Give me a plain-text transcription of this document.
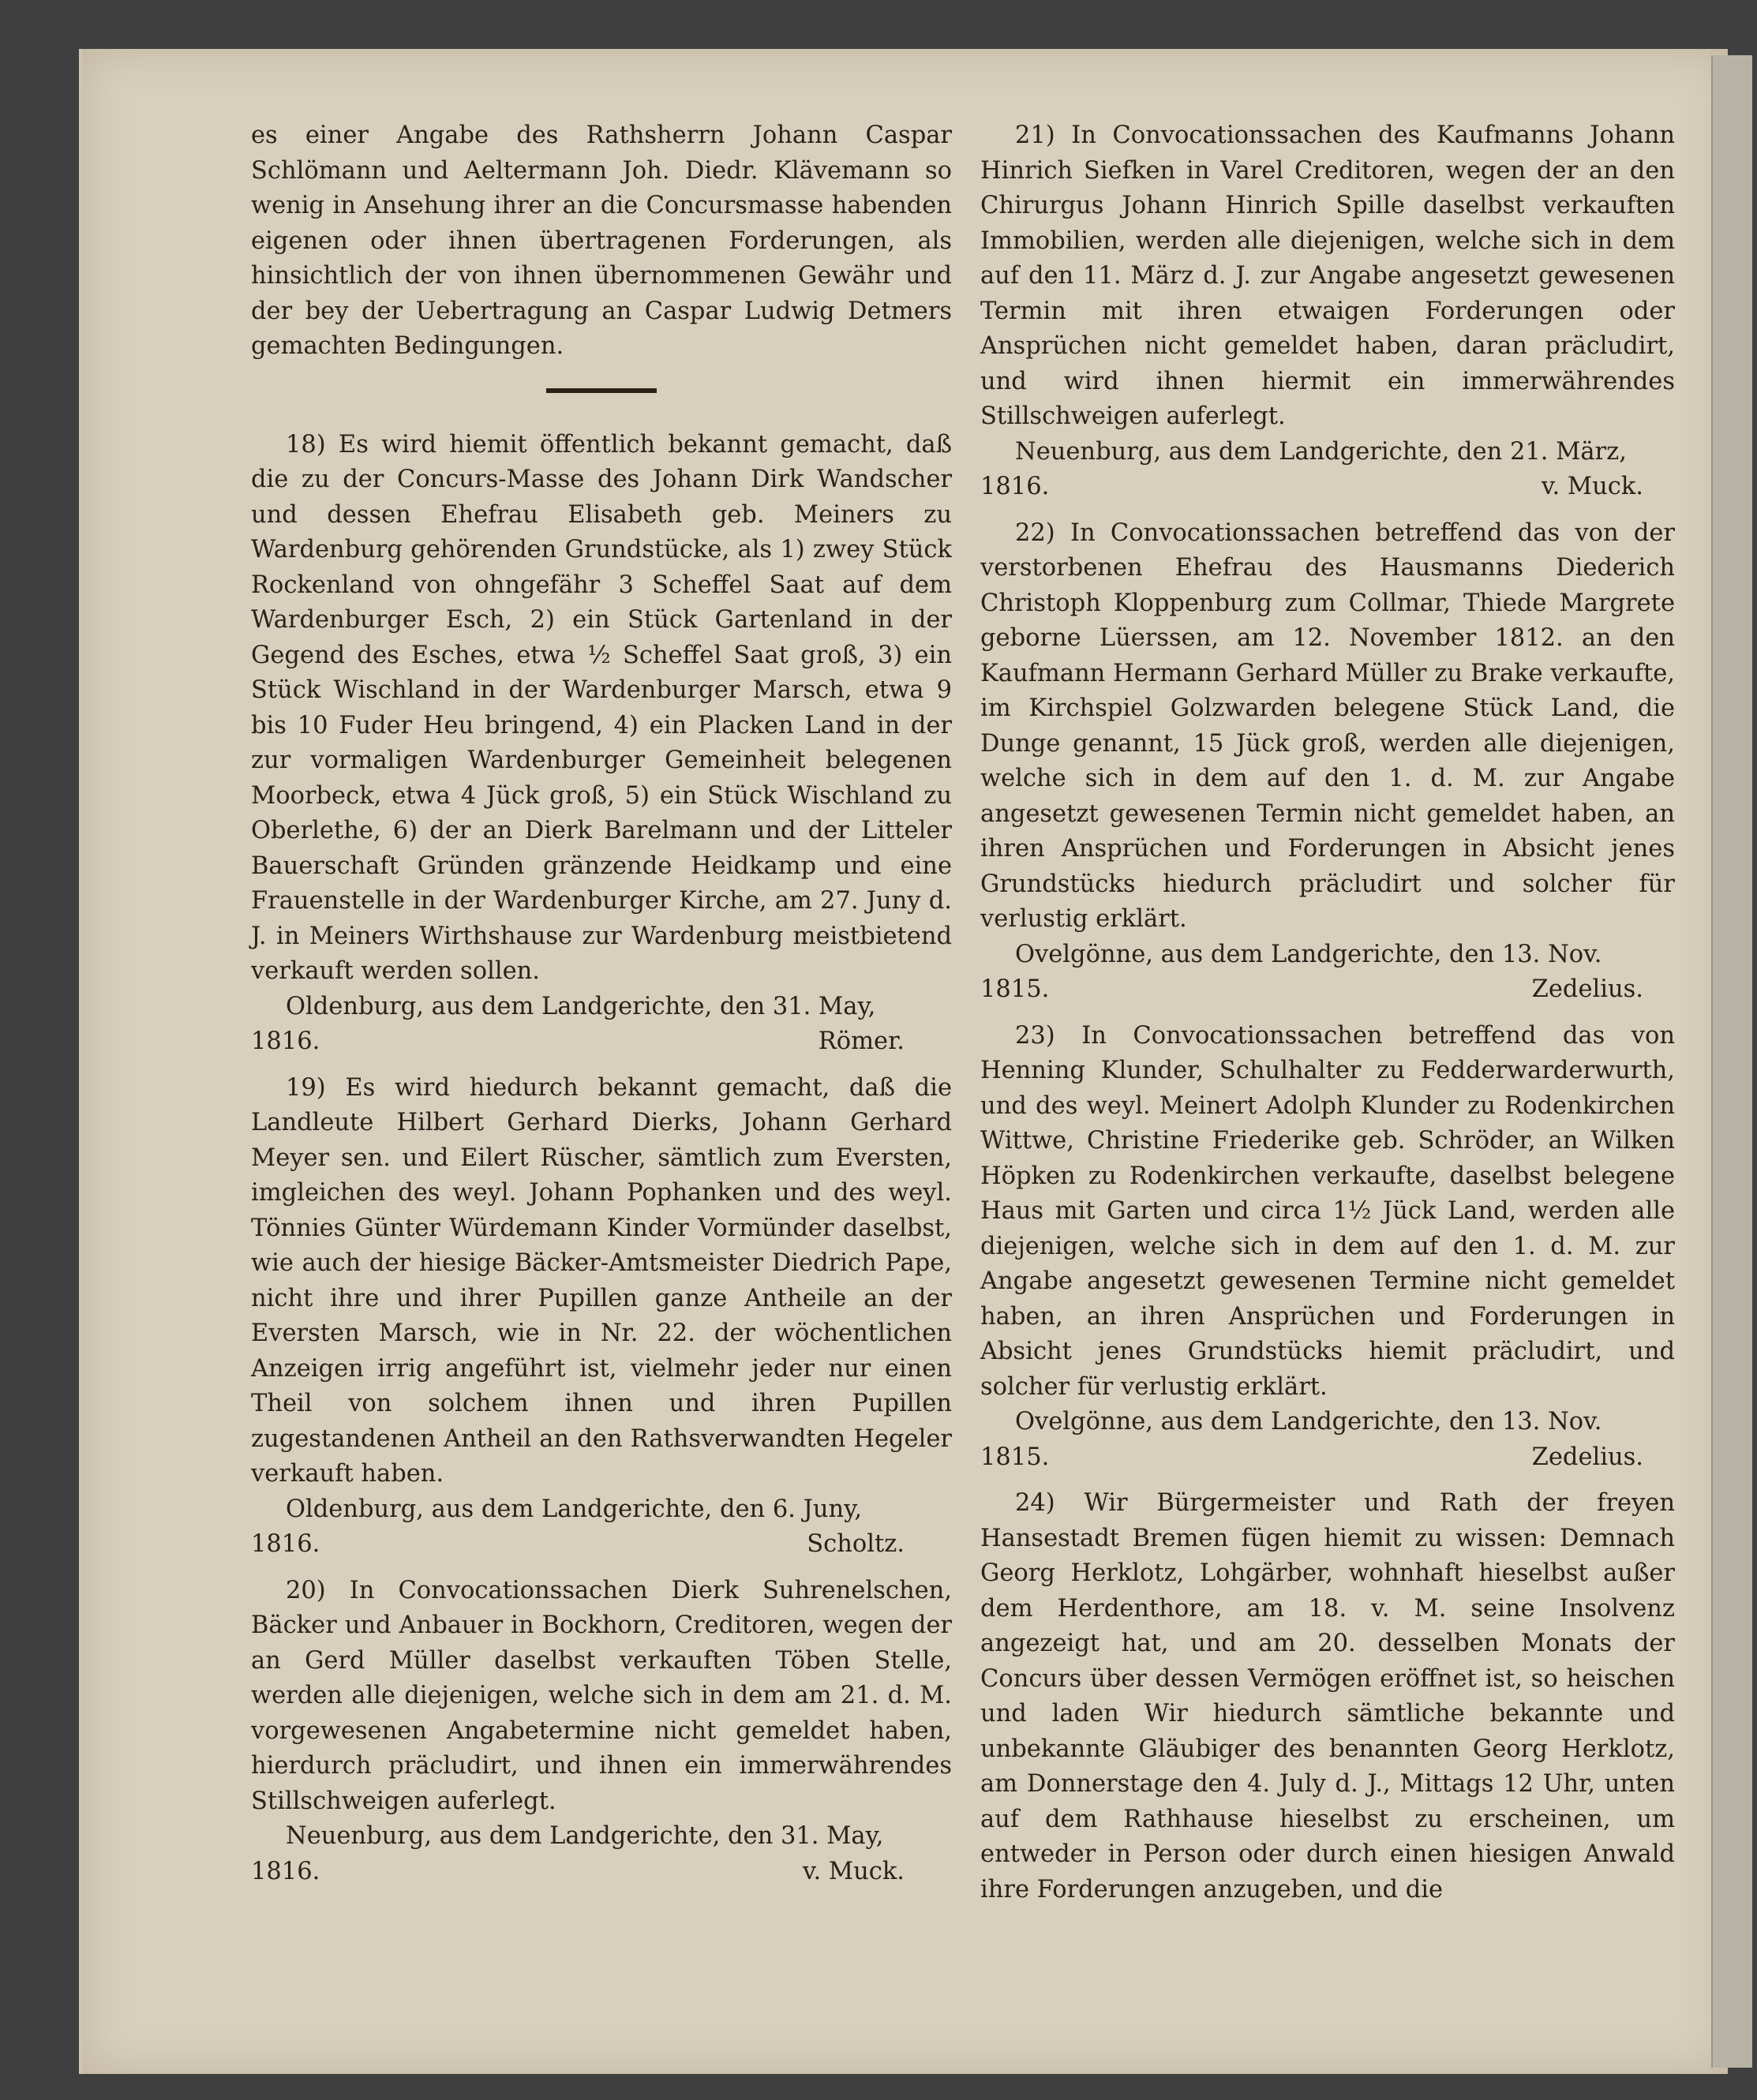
es einer Angabe des Rathsherrn Johann Caspar Schlömann und Aeltermann Joh. Diedr. Klävemann so wenig in Ansehung ihrer an die Concursmasse habenden eigenen oder ihnen übertragenen Forderungen, als hinsichtlich der von ihnen übernommenen Gewähr und der bey der Uebertragung an Caspar Ludwig Detmers gemachten Bedingungen.

18) Es wird hiemit öffentlich bekannt gemacht, daß die zu der Concurs-Masse des Johann Dirk Wandscher und dessen Ehefrau Elisabeth geb. Meiners zu Wardenburg gehörenden Grundstücke, als 1) zwey Stück Rockenland von ohngefähr 3 Scheffel Saat auf dem Wardenburger Esch, 2) ein Stück Gartenland in der Gegend des Esches, etwa ½ Scheffel Saat groß, 3) ein Stück Wischland in der Wardenburger Marsch, etwa 9 bis 10 Fuder Heu bringend, 4) ein Placken Land in der zur vormaligen Wardenburger Gemeinheit belegenen Moorbeck, etwa 4 Jück groß, 5) ein Stück Wischland zu Oberlethe, 6) der an Dierk Barelmann und der Litteler Bauerschaft Gründen gränzende Heidkamp und eine Frauenstelle in der Wardenburger Kirche, am 27. Juny d. J. in Meiners Wirthshause zur Wardenburg meistbietend verkauft werden sollen.

Oldenburg, aus dem Landgerichte, den 31. May,

1816.	Römer.

19) Es wird hiedurch bekannt gemacht, daß die Landleute Hilbert Gerhard Dierks, Johann Gerhard Meyer sen. und Eilert Rüscher, sämtlich zum Eversten, imgleichen des weyl. Johann Pophanken und des weyl. Tönnies Günter Würdemann Kinder Vormünder daselbst, wie auch der hiesige Bäcker-Amtsmeister Diedrich Pape, nicht ihre und ihrer Pupillen ganze Antheile an der Eversten Marsch, wie in Nr. 22. der wöchentlichen Anzeigen irrig angeführt ist, vielmehr jeder nur einen Theil von solchem ihnen und ihren Pupillen zugestandenen Antheil an den Rathsverwandten Hegeler verkauft haben.

Oldenburg, aus dem Landgerichte, den 6. Juny,

1816.	Scholtz.

20) In Convocationssachen Dierk Suhrenelschen, Bäcker und Anbauer in Bockhorn, Creditoren, wegen der an Gerd Müller daselbst verkauften Töben Stelle, werden alle diejenigen, welche sich in dem am 21. d. M. vorgewesenen Angabetermine nicht gemeldet haben, hierdurch präcludirt, und ihnen ein immerwährendes Stillschweigen auferlegt.

Neuenburg, aus dem Landgerichte, den 31. May,

1816.	v. Muck.

21) In Convocationssachen des Kaufmanns Johann Hinrich Siefken in Varel Creditoren, wegen der an den Chirurgus Johann Hinrich Spille daselbst verkauften Immobilien, werden alle diejenigen, welche sich in dem auf den 11. März d. J. zur Angabe angesetzt gewesenen Termin mit ihren etwaigen Forderungen oder Ansprüchen nicht gemeldet haben, daran präcludirt, und wird ihnen hiermit ein immerwährendes Stillschweigen auferlegt.

Neuenburg, aus dem Landgerichte, den 21. März,

1816.	v. Muck.

22) In Convocationssachen betreffend das von der verstorbenen Ehefrau des Hausmanns Diederich Christoph Kloppenburg zum Collmar, Thiede Margrete geborne Lüerssen, am 12. November 1812. an den Kaufmann Hermann Gerhard Müller zu Brake verkaufte, im Kirchspiel Golzwarden belegene Stück Land, die Dunge genannt, 15 Jück groß, werden alle diejenigen, welche sich in dem auf den 1. d. M. zur Angabe angesetzt gewesenen Termin nicht gemeldet haben, an ihren Ansprüchen und Forderungen in Absicht jenes Grundstücks hiedurch präcludirt und solcher für verlustig erklärt.

Ovelgönne, aus dem Landgerichte, den 13. Nov.

1815.	Zedelius.

23) In Convocationssachen betreffend das von Henning Klunder, Schulhalter zu Fedderwarderwurth, und des weyl. Meinert Adolph Klunder zu Rodenkirchen Wittwe, Christine Friederike geb. Schröder, an Wilken Höpken zu Rodenkirchen verkaufte, daselbst belegene Haus mit Garten und circa 1½ Jück Land, werden alle diejenigen, welche sich in dem auf den 1. d. M. zur Angabe angesetzt gewesenen Termine nicht gemeldet haben, an ihren Ansprüchen und Forderungen in Absicht jenes Grundstücks hiemit präcludirt, und solcher für verlustig erklärt.

Ovelgönne, aus dem Landgerichte, den 13. Nov.

1815.	Zedelius.

24) Wir Bürgermeister und Rath der freyen Hansestadt Bremen fügen hiemit zu wissen: Demnach Georg Herklotz, Lohgärber, wohnhaft hieselbst außer dem Herdenthore, am 18. v. M. seine Insolvenz angezeigt hat, und am 20. desselben Monats der Concurs über dessen Vermögen eröffnet ist, so heischen und laden Wir hiedurch sämtliche bekannte und unbekannte Gläubiger des benannten Georg Herklotz, am Donnerstage den 4. July d. J., Mittags 12 Uhr, unten auf dem Rathhause hieselbst zu erscheinen, um entweder in Person oder durch einen hiesigen Anwald ihre Forderungen anzugeben, und die
